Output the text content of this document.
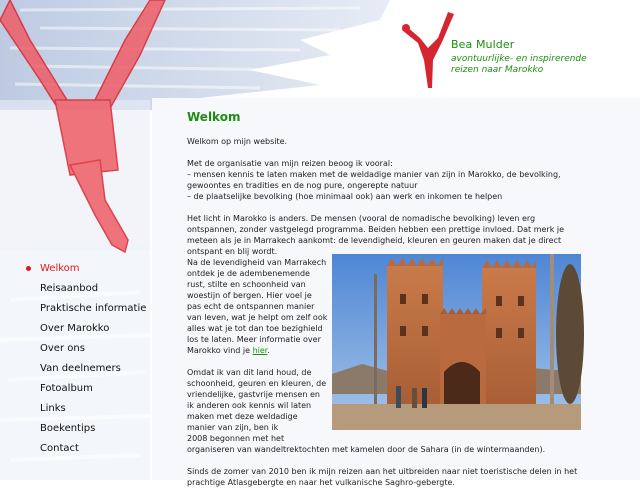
Bea Mulder
avontuurlijke- en inspirerende reizen naar Marokko
Welkom
Reisaanbod
Praktische informatie
Over Marokko
Over ons
Van deelnemers
Fotoalbum
Links
Boekentips
Contact
Welkom
Welkom op mijn website.
Met de organisatie van mijn reizen beoog ik vooral:
– mensen kennis te laten maken met de weldadige manier van zijn in Marokko, de bevolking,
gewoontes en tradities en de nog pure, ongerepte natuur
– de plaatselijke bevolking (hoe minimaal ook) aan werk en inkomen te helpen
Het licht in Marokko is anders. De mensen (vooral de nomadische bevolking) leven erg ontspannen, zonder vastgelegd programma. Beiden hebben een prettige invloed. Dat merk je meteen als je in Marrakech aankomt: de levendigheid, kleuren en geuren maken dat je direct ontspant en blij wordt.
Na de levendigheid van Marrakech
ontdek je de adembenemende
rust, stilte en schoonheid van
woestijn of bergen. Hier voel je
pas echt de ontspannen manier
van leven, wat je helpt om zelf ook
alles wat je tot dan toe bezighield
los te laten. Meer informatie over
Marokko vind je hier.
Omdat ik van dit land houd, de
schoonheid, geuren en kleuren, de
vriendelijke, gastvrije mensen en
ik anderen ook kennis wil laten
maken met deze weldadige
manier van zijn, ben ik
2008 begonnen met het
organiseren van wandeltrektochten met kamelen door de Sahara (in de wintermaanden).
Sinds de zomer van 2010 ben ik mijn reizen aan het uitbreiden naar niet toeristische delen in het
prachtige Atlasgebergte en naar het vulkanische Saghro-gebergte.
